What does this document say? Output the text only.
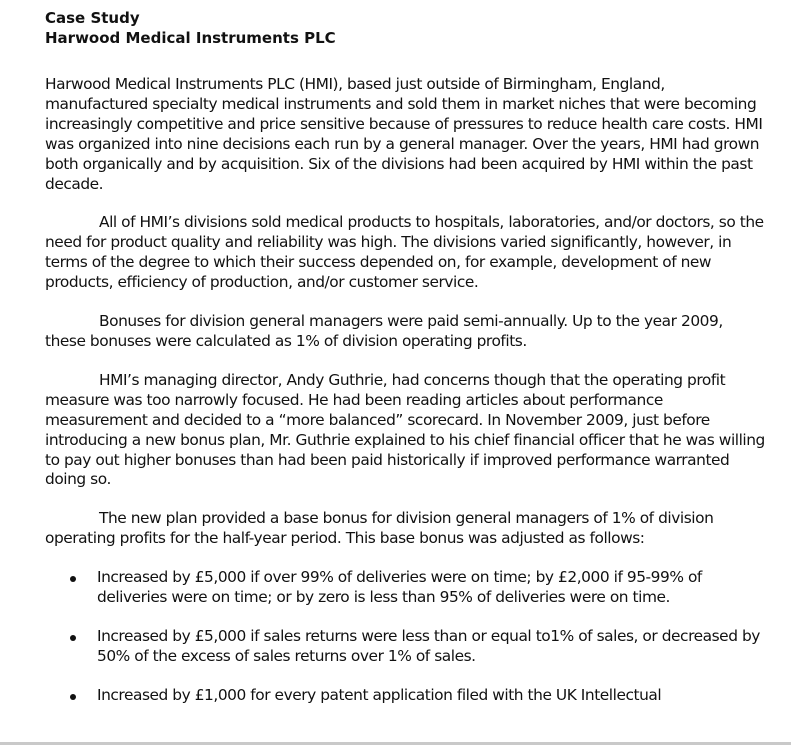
Case Study

Harwood Medical Instruments PLC

Harwood Medical Instruments PLC (HMI), based just outside of Birmingham, England, manufactured specialty medical instruments and sold them in market niches that were becoming increasingly competitive and price sensitive because of pressures to reduce health care costs. HMI was organized into nine decisions each run by a general manager. Over the years, HMI had grown both organically and by acquisition. Six of the divisions had been acquired by HMI within the past decade.

All of HMI’s divisions sold medical products to hospitals, laboratories, and/or doctors, so the need for product quality and reliability was high. The divisions varied significantly, however, in terms of the degree to which their success depended on, for example, development of new products, efficiency of production, and/or customer service.

Bonuses for division general managers were paid semi-annually. Up to the year 2009, these bonuses were calculated as 1% of division operating profits.

HMI’s managing director, Andy Guthrie, had concerns though that the operating profit measure was too narrowly focused. He had been reading articles about performance measurement and decided to a “more balanced” scorecard. In November 2009, just before introducing a new bonus plan, Mr. Guthrie explained to his chief financial officer that he was willing to pay out higher bonuses than had been paid historically if improved performance warranted doing so.

The new plan provided a base bonus for division general managers of 1% of division operating profits for the half-year period. This base bonus was adjusted as follows:

Increased by £5,000 if over 99% of deliveries were on time; by £2,000 if 95-99% of deliveries were on time; or by zero is less than 95% of deliveries were on time.
Increased by £5,000 if sales returns were less than or equal to1% of sales, or decreased by 50% of the excess of sales returns over 1% of sales.
Increased by £1,000 for every patent application filed with the UK Intellectual
